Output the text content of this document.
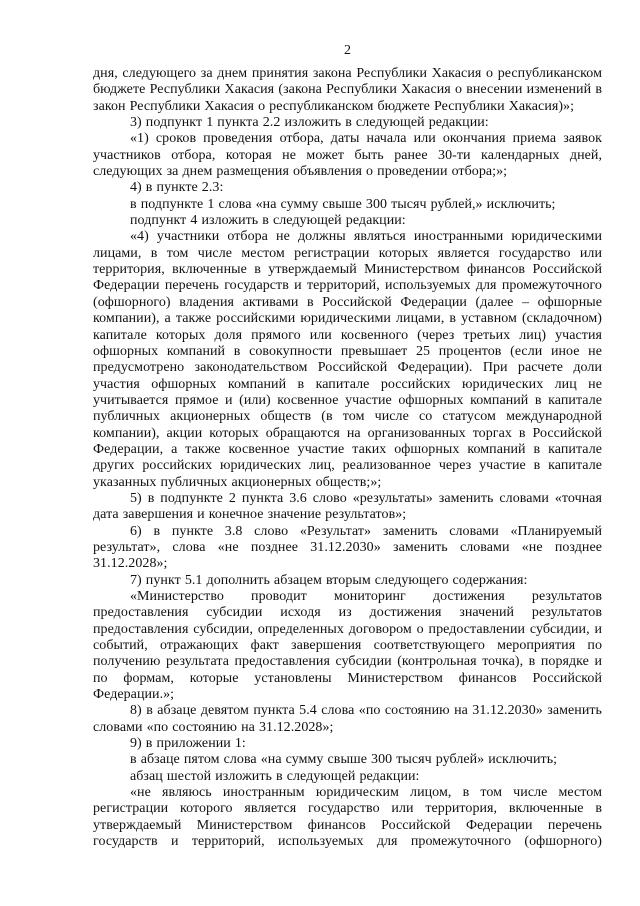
2

дня, следующего за днем принятия закона Республики Хакасия о республиканском бюджете Республики Хакасия (закона Республики Хакасия о внесении изменений в закон Республики Хакасия о республиканском бюджете Республики Хакасия)»;

3) подпункт 1 пункта 2.2 изложить в следующей редакции:

«1) сроков проведения отбора, даты начала или окончания приема заявок участников отбора, которая не может быть ранее 30-ти календарных дней, следующих за днем размещения объявления о проведении отбора;»;

4) в пункте 2.3:

в подпункте 1 слова «на сумму свыше 300 тысяч рублей,» исключить;

подпункт 4 изложить в следующей редакции:

«4) участники отбора не должны являться иностранными юридическими лицами, в том числе местом регистрации которых является государство или территория, включенные в утверждаемый Министерством финансов Российской Федерации перечень государств и территорий, используемых для промежуточного (офшорного) владения активами в Российской Федерации (далее – офшорные компании), а также российскими юридическими лицами, в уставном (складочном) капитале которых доля прямого или косвенного (через третьих лиц) участия офшорных компаний в совокупности превышает 25 процентов (если иное не предусмотрено законодательством Российской Федерации). При расчете доли участия офшорных компаний в капитале российских юридических лиц не учитывается прямое и (или) косвенное участие офшорных компаний в капитале публичных акционерных обществ (в том числе со статусом международной компании), акции которых обращаются на организованных торгах в Российской Федерации, а также косвенное участие таких офшорных компаний в капитале других российских юридических лиц, реализованное через участие в капитале указанных публичных акционерных обществ;»;

5) в подпункте 2 пункта 3.6 слово «результаты» заменить словами «точная дата завершения и конечное значение результатов»;

6) в пункте 3.8 слово «Результат» заменить словами «Планируемый результат», слова «не позднее 31.12.2030» заменить словами «не позднее 31.12.2028»;

7) пункт 5.1 дополнить абзацем вторым следующего содержания:

«Министерство проводит мониторинг достижения результатов предоставления субсидии исходя из достижения значений результатов предоставления субсидии, определенных договором о предоставлении субсидии, и событий, отражающих факт завершения соответствующего мероприятия по получению результата предоставления субсидии (контрольная точка), в порядке и по формам, которые установлены Министерством финансов Российской Федерации.»;

8) в абзаце девятом пункта 5.4 слова «по состоянию на 31.12.2030» заменить словами «по состоянию на 31.12.2028»;

9) в приложении 1:

в абзаце пятом слова «на сумму свыше 300 тысяч рублей» исключить;

абзац шестой изложить в следующей редакции:

«не являюсь иностранным юридическим лицом, в том числе местом регистрации которого является государство или территория, включенные в утверждаемый Министерством финансов Российской Федерации перечень государств и территорий, используемых для промежуточного (офшорного)
